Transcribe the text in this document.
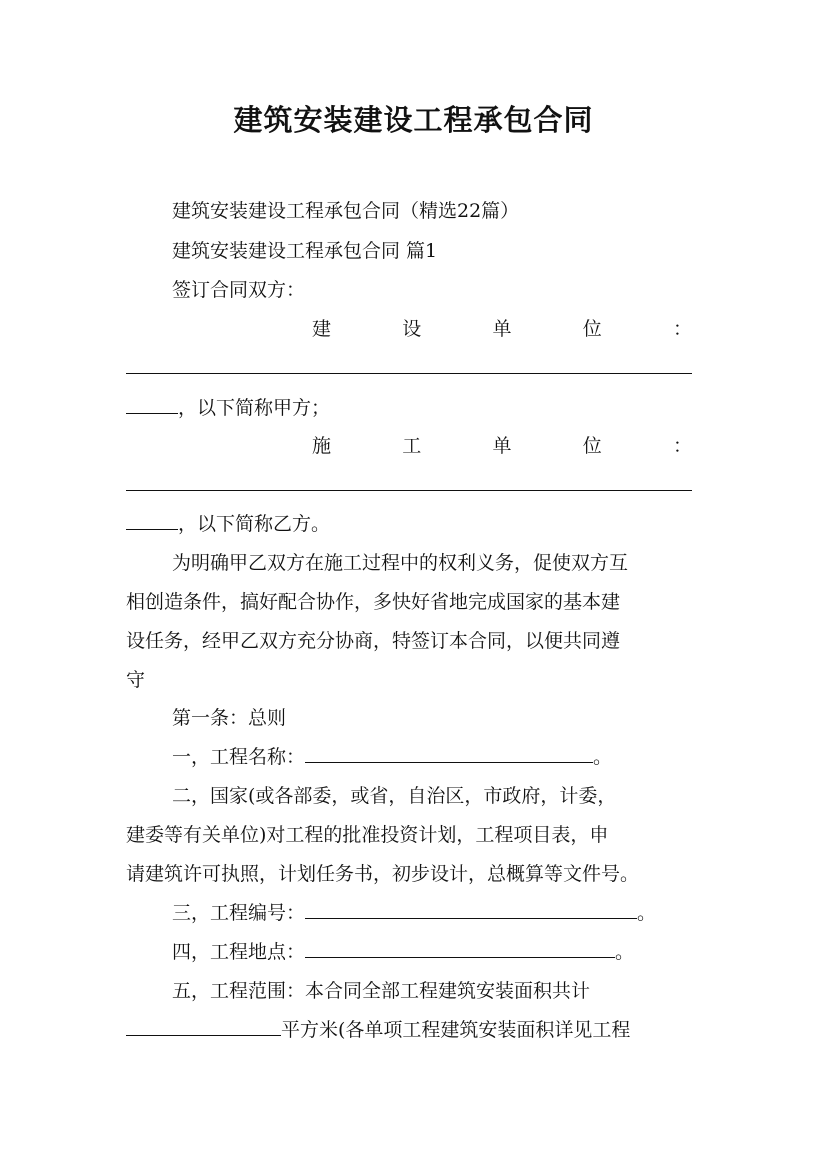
建筑安装建设工程承包合同
建筑安装建设工程承包合同（精选22篇）
建筑安装建设工程承包合同 篇1
签订合同双方：
建	设	单	位	：
，以下简称甲方；
施	工	单	位	：
，以下简称乙方。
为明确甲乙双方在施工过程中的权利义务，促使双方互
相创造条件，搞好配合协作，多快好省地完成国家的基本建
设任务，经甲乙双方充分协商，特签订本合同，以便共同遵
守
第一条：总则
一，工程名称：	。
二，国家(或各部委，或省，自治区，市政府，计委，
建委等有关单位)对工程的批准投资计划，工程项目表，申
请建筑许可执照，计划任务书，初步设计，总概算等文件号。
三，工程编号：	。
四，工程地点：	。
五，工程范围：本合同全部工程建筑安装面积共计
平方米(各单项工程建筑安装面积详见工程
